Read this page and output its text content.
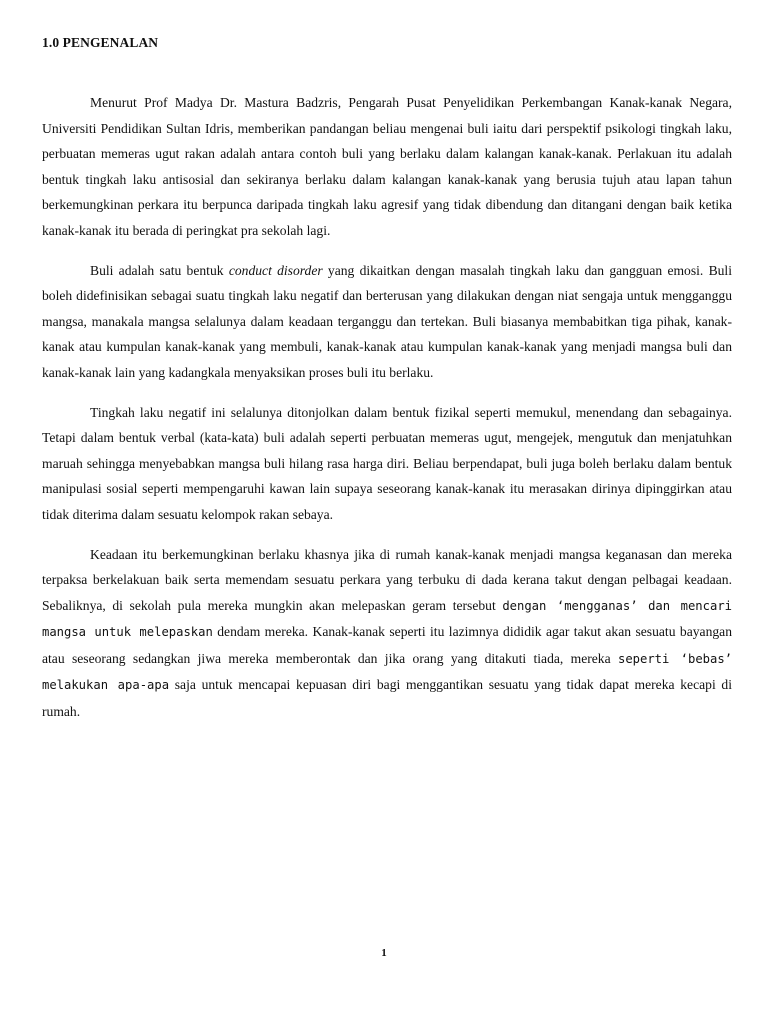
1.0 PENGENALAN

Menurut Prof Madya Dr. Mastura Badzris, Pengarah Pusat Penyelidikan Perkembangan Kanak-kanak Negara, Universiti Pendidikan Sultan Idris, memberikan pandangan beliau mengenai buli iaitu dari perspektif psikologi tingkah laku, perbuatan memeras ugut rakan adalah antara contoh buli yang berlaku dalam kalangan kanak-kanak. Perlakuan itu adalah bentuk tingkah laku antisosial dan sekiranya berlaku dalam kalangan kanak-kanak yang berusia tujuh atau lapan tahun berkemungkinan perkara itu berpunca daripada tingkah laku agresif yang tidak dibendung dan ditangani dengan baik ketika kanak-kanak itu berada di peringkat pra sekolah lagi.

Buli adalah satu bentuk conduct disorder yang dikaitkan dengan masalah tingkah laku dan gangguan emosi. Buli boleh didefinisikan sebagai suatu tingkah laku negatif dan berterusan yang dilakukan dengan niat sengaja untuk mengganggu mangsa, manakala mangsa selalunya dalam keadaan terganggu dan tertekan. Buli biasanya membabitkan tiga pihak, kanak-kanak atau kumpulan kanak-kanak yang membuli, kanak-kanak atau kumpulan kanak-kanak yang menjadi mangsa buli dan kanak-kanak lain yang kadangkala menyaksikan proses buli itu berlaku.

Tingkah laku negatif ini selalunya ditonjolkan dalam bentuk fizikal seperti memukul, menendang dan sebagainya. Tetapi dalam bentuk verbal (kata-kata) buli adalah seperti perbuatan memeras ugut, mengejek, mengutuk dan menjatuhkan maruah sehingga menyebabkan mangsa buli hilang rasa harga diri. Beliau berpendapat, buli juga boleh berlaku dalam bentuk manipulasi sosial seperti mempengaruhi kawan lain supaya seseorang kanak-kanak itu merasakan dirinya dipinggirkan atau tidak diterima dalam sesuatu kelompok rakan sebaya.

Keadaan itu berkemungkinan berlaku khasnya jika di rumah kanak-kanak menjadi mangsa keganasan dan mereka terpaksa berkelakuan baik serta memendam sesuatu perkara yang terbuku di dada kerana takut dengan pelbagai keadaan. Sebaliknya, di sekolah pula mereka mungkin akan melepaskan geram tersebut dengan ‘mengganas’ dan mencari mangsa untuk melepaskan dendam mereka. Kanak-kanak seperti itu lazimnya dididik agar takut akan sesuatu bayangan atau seseorang sedangkan jiwa mereka memberontak dan jika orang yang ditakuti tiada, mereka seperti ‘bebas’ melakukan apa-apa saja untuk mencapai kepuasan diri bagi menggantikan sesuatu yang tidak dapat mereka kecapi di rumah.

1
